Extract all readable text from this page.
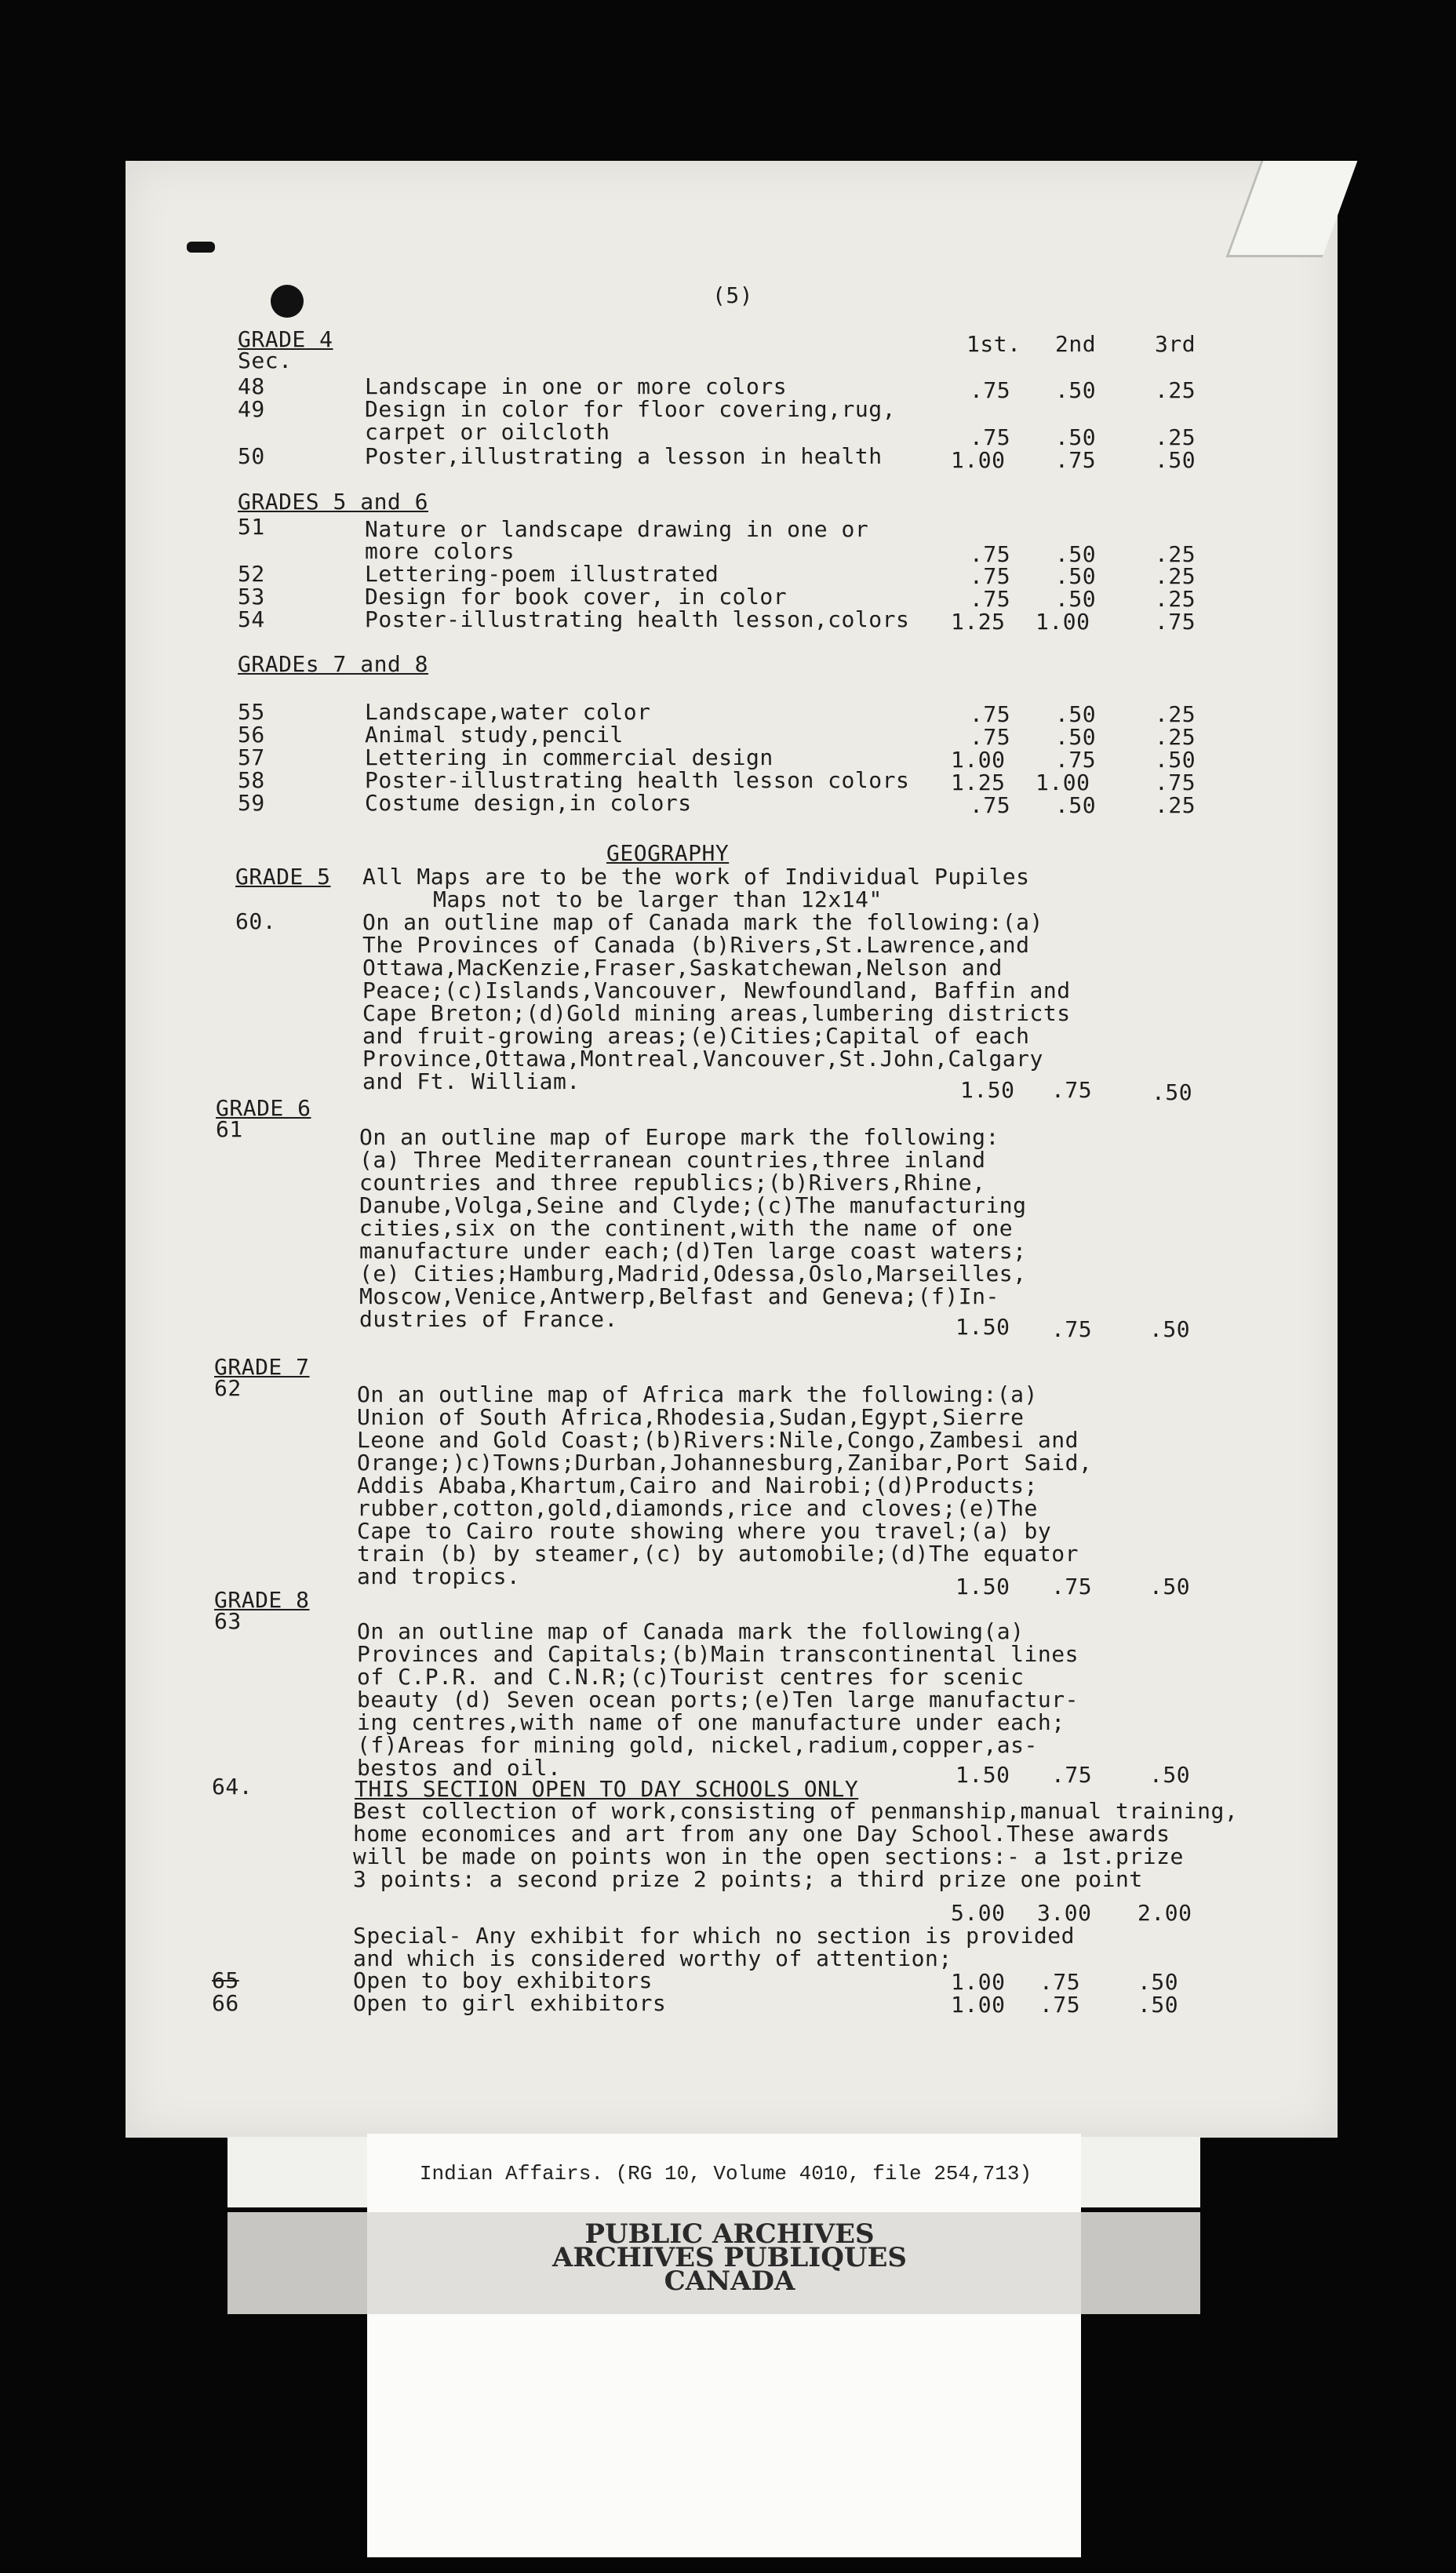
(5)
1st. 2nd	3rd
GRADE 4
Sec.
48	Landscape in one or more colors	.75 .50	.25
49	Design in color for floor covering,rug,
carpet or oilcloth	.75 .50	.25
50	Poster,illustrating a lesson in health	1.00 .75	.50
GRADES 5 and 6
51	Nature or landscape drawing in one or
more colors	.75 .50	.25
52	Lettering-poem illustrated	.75 .50	.25
53	Design for book cover, in color	.75 .50	.25
54	Poster-illustrating health lesson,colors 1.25 1.00	.75
GRADEs 7 and 8
55	Landscape,water color	.75 .50	.25
56	Animal study,pencil	.75 .50	.25
57	Lettering in commercial design	1.00 .75	.50
58	Poster-illustrating health lesson colors 1.25 1.00	.75
59	Costume design,in colors	.75 .50	.25
GEOGRAPHY
GRADE 5 All Maps are to be the work of Individual Pupiles
Maps not to be larger than 12x14"
60.	On an outline map of Canada mark the following:(a)
The Provinces of Canada (b)Rivers,St.Lawrence,and
Ottawa,MacKenzie,Fraser,Saskatchewan,Nelson and
Peace;(c)Islands,Vancouver, Newfoundland, Baffin and
Cape Breton;(d)Gold mining areas,lumbering districts
and fruit-growing areas;(e)Cities;Capital of each
Province,Ottawa,Montreal,Vancouver,St.John,Calgary
and Ft. William.	1.50 .75	.50
GRADE 6
61	On an outline map of Europe mark the following:
(a) Three Mediterranean countries,three inland
countries and three republics;(b)Rivers,Rhine,
Danube,Volga,Seine and Clyde;(c)The manufacturing
cities,six on the continent,with the name of one
manufacture under each;(d)Ten large coast waters;
(e) Cities;Hamburg,Madrid,Odessa,Oslo,Marseilles,
Moscow,Venice,Antwerp,Belfast and Geneva;(f)In-
dustries of France.	1.50 .75	.50
GRADE 7
62	On an outline map of Africa mark the following:(a)
Union of South Africa,Rhodesia,Sudan,Egypt,Sierre
Leone and Gold Coast;(b)Rivers:Nile,Congo,Zambesi and
Orange;)c)Towns;Durban,Johannesburg,Zanibar,Port Said,
Addis Ababa,Khartum,Cairo and Nairobi;(d)Products;
rubber,cotton,gold,diamonds,rice and cloves;(e)The
Cape to Cairo route showing where you travel;(a) by
train (b) by steamer,(c) by automobile;(d)The equator
and tropics.	1.50 .75	.50
GRADE 8
63	On an outline map of Canada mark the following(a)
Provinces and Capitals;(b)Main transcontinental lines
of C.P.R. and C.N.R;(c)Tourist centres for scenic
beauty (d) Seven ocean ports;(e)Ten large manufactur-
ing centres,with name of one manufacture under each;
(f)Areas for mining gold, nickel,radium,copper,as-
bestos and oil.	1.50 .75	.50
64.	THIS SECTION OPEN TO DAY SCHOOLS ONLY
Best collection of work,consisting of penmanship,manual training,
home economices and art from any one Day School.These awards
will be made on points won in the open sections:- a 1st.prize
3 points: a second prize 2 points; a third prize one point
5.00 3.00 2.00
Special- Any exhibit for which no section is provided
and which is considered worthy of attention;
65	Open to boy exhibitors	1.00 .75	.50
66	Open to girl exhibitors	1.00 .75	.50
Indian Affairs. (RG 10, Volume 4010, file 254,713)
PUBLIC ARCHIVES
ARCHIVES PUBLIQUES
CANADA
